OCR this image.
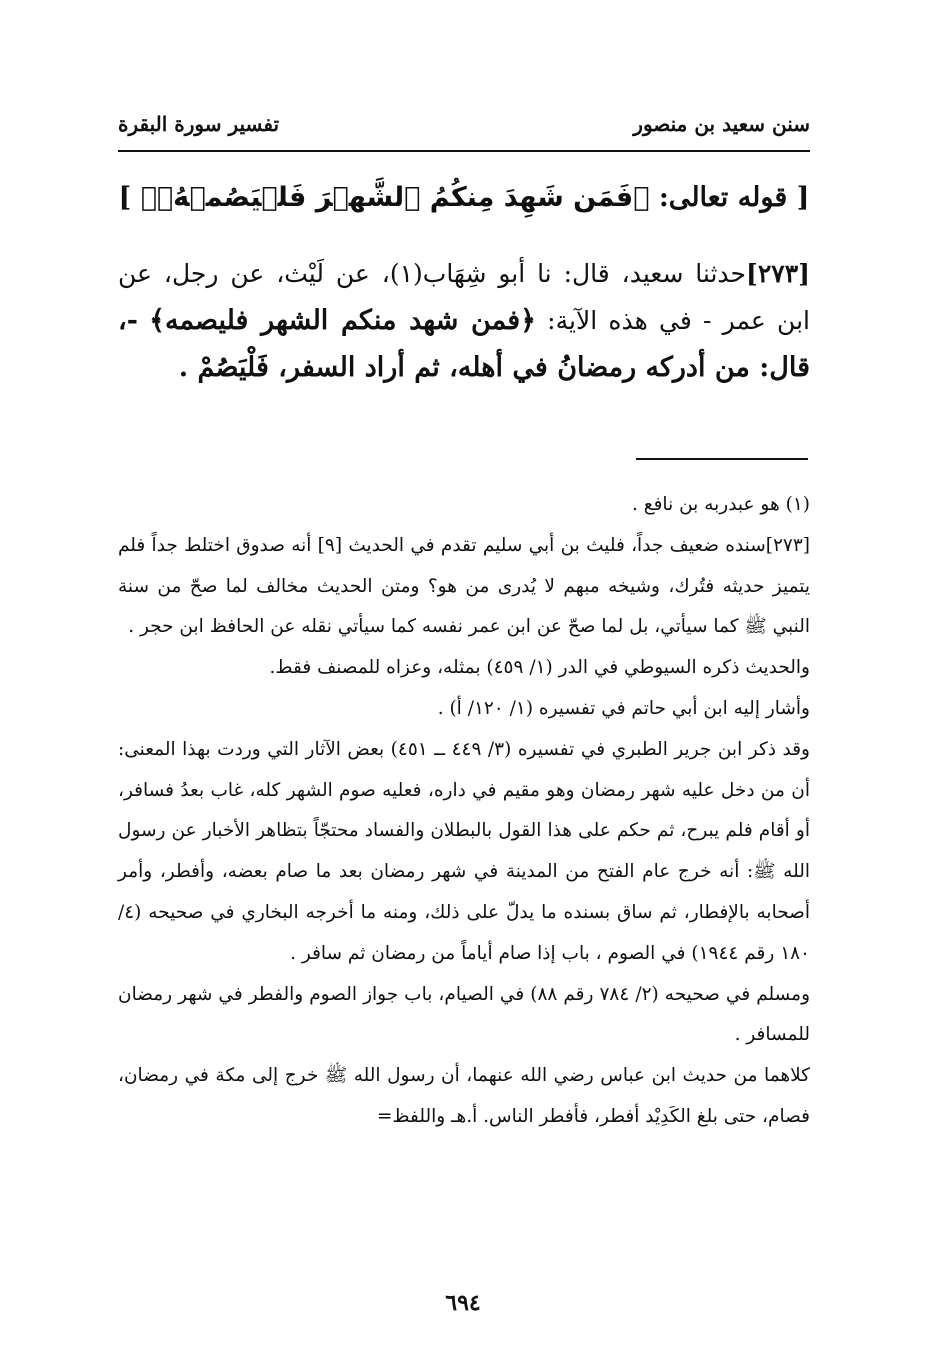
سنن سعيد بن منصور
تفسير سورة البقرة
[ قوله تعالى: ﴿فَمَن شَهِدَ مِنكُمُ ٱلشَّهۡرَ فَلۡيَصُمۡهُۖ﴾ ]
[٢٧٣]حدثنا سعيد، قال: نا أبو شِهَاب(١)، عن لَيْث، عن رجل، عن ابن عمر - في هذه الآية: ﴿فمن شهد منكم الشهر فليصمه﴾ -، قال: من أدركه رمضانُ في أهله، ثم أراد السفر، فَلْيَصُمْ .

(١) هو عبدربه بن نافع .

[٢٧٣]سنده ضعيف جداً، فليث بن أبي سليم تقدم في الحديث [٩] أنه صدوق اختلط جداً فلم يتميز حديثه فتُرك، وشيخه مبهم لا يُدرى من هو؟ ومتن الحديث مخالف لما صحّ من سنة النبي ﷺ كما سيأتي، بل لما صحّ عن ابن عمر نفسه كما سيأتي نقله عن الحافظ ابن حجر .

والحديث ذكره السيوطي في الدر (١/ ٤٥٩) بمثله، وعزاه للمصنف فقط.

وأشار إليه ابن أبي حاتم في تفسيره (١/ ١٢٠/ أ) .

وقد ذكر ابن جرير الطبري في تفسيره (٣/ ٤٤٩ ــ ٤٥١) بعض الآثار التي وردت بهذا المعنى: أن من دخل عليه شهر رمضان وهو مقيم في داره، فعليه صوم الشهر كله، غاب بعدُ فسافر، أو أقام فلم يبرح، ثم حكم على هذا القول بالبطلان والفساد محتجّاً بتظاهر الأخبار عن رسول الله ﷺ: أنه خرج عام الفتح من المدينة في شهر رمضان بعد ما صام بعضه، وأفطر، وأمر أصحابه بالإفطار، ثم ساق بسنده ما يدلّ على ذلك، ومنه ما أخرجه البخاري في صحيحه (٤/ ١٨٠ رقم ١٩٤٤) في الصوم ، باب إذا صام أياماً من رمضان ثم سافر .

ومسلم في صحيحه (٢/ ٧٨٤ رقم ٨٨) في الصيام، باب جواز الصوم والفطر في شهر رمضان للمسافر .

كلاهما من حديث ابن عباس رضي الله عنهما، أن رسول الله ﷺ خرج إلى مكة في رمضان، فصام، حتى بلغ الكَدِيْد أفطر، فأفطر الناس. أ.هـ واللفظ=

٦٩٤
